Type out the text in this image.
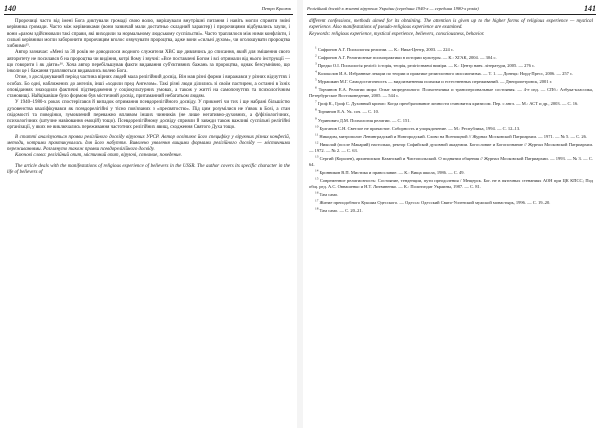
140	Петро Кралюк

Пророчиці часто від імені Бога диктували громаді свою волю, вирішували внутрішні питання і навіть могли сприяти зміні керівника громади. Часто між керівниками (вони зазвичай мали достатньо складний характер) і пророчицями відбувались хаули, і вони «разом здійснювали такі справи, які виходили за нормальному людському суспільстві». Часто траплялося між ними конфлікти, і сильні керівники могли заборонити пророчицям вголос озвучувати пророцтва, адже вони «сильні духом», чи оголошувати пророцтва хибними¹⁵.

Автор зазначає: «Мені за 30 років не доводилося жодного служителя ХВС ще дивлячись до списання, який для змішення свого авторитету не посилався б на пророцтва чи видіння, котрі йому і звучні: «Все поставлені Богом і всі отримали від нього інструкції — що говорити і як діяти»¹⁶. Хоча автор перебільшував факти видавання суб'єктивних бажань за пророцтва, однак безсумнівно, що інколи це і бажання трапляються видавались волею Бога.

Отже, з досліджуваний період частина вірних людей мала релігійний досвід. Він мав різні форми і виражався у різних відчуттях і особах. Бо одні, наближених до ангелів, інші «ходили пред Ангелом». Такі різні люди ділились зі своїм пастирем, а останні в їхніх оповіданнях знаходили фактичні підтвердження у соціокультурних умовах, а також у житті на самопочуттях та психологічним становищі. Найцікавіше було формою був містичний досвід, притаманний небагатьом людям.

У 1940–1980-х роках спостерігався й випадок отримання псевдорелігійного досвіду. У прикметі чи тих і ще набрані більшістю духовенства кваліфікувався як псевдорелігійні у тісно пов'язаних з «пресвятостю». Під цим розумілися не з'явок в Бозі, а стан свідомості та поведінки, зумовлений переважно впливом інших чинників (не лише негативно-духовних, а ф/фізіологічних, психологічних (штучне навіювання емоцій) тощо). Псевдорелігійному досвіду сприяли й завжди також важливі суспільні релігійні організації, у яких не виключались переживання частотних релігійних явищ, сходження Святого Духа тощо.

В статті аналізуються прояви релігійного досвіду віруючих УРСР. Автор освітлює його специфіку у віруючих різних конфесій, методи, котрими практикувалась для його набуття. Виявлено уявлення вищими формами релігійного досвіду — містичними переживаннями. Розглянуто також прояви псевдорелігійного досвіду.

Ключові слова: релігійний опит, містичний опит, віруючі, сознание, поведение.

The article deals with the manifestations of religious experience of believers in the USSR. The author covers its specific character in the life of believers of

Релігійний досвід в житті віруючих України (середина 1940-х — середина 1980-х років)	141

different confessions, methods aimed for its obtaining. The attention is given up to the higher forms of religious experience — mystical experience. Also manifestations of pseudo-religious experience are examined.

Keywords: religious experience, mystical experience, believers, consciousness, behavior.

$^1$ Сафронов А.Г. Психология религии. — К.: Ника-Центр, 2003. — 224 с.

$^2$ Сафронов А.Г. Религиозные психопрактики в истории культуры. — К.: ХГАК, 2004. — 304 с.

$^3$ Предко О.І. Психологія релігії: історія, теорія, релігієзнавчі виміри. — К.: Центр навч. літератури, 2005. — 276 с.

$^4$ Колоколов И.А. Избранные лекции по теории и практике религиозного миссионизма. — Т. 1. — Донецк: Норд-Пресс, 2006. — 257 с.

$^5$ Мурашкин М.Г. Самодостаточность — видоизменения психики и естественных переживаний. — Днепропетровск, 2001 г.

$^6$ Торчинов Е.А. Религии мира: Опыт запредельного: Психотехника и трансперсональные состояния. — 4-е изд. — СПб.: Азбука-классика, Петербургское Востоковедение, 2005. — 544 с.

$^7$ Гроф К., Гроф С. Духовный кризис: Когда преобразование личности становится кризисом. Пер. с англ. — М.: АСТ и др., 2003. — С. 16.

$^8$ Торчинов Е.А. Ук. соч. — С. 10.

$^9$ Угринович Д.М. Психология религии. — С. 151.

$^{10}$ Булганов С.Н. Светлое не причастие. Соборность и упорядочение. — М.: Республика, 1994. — С. 12–13.

$^{11}$ Никодим, митрополит Ленинградский и Новгородский. Слово на Всенощной // Журнал Московской Патриархии. — 1971. — № 5. — С. 26.

$^{12}$ Николай (после Макарий) настолько, ректор Софийской духовной академии. Богословие и Богопознание // Журнал Московской Патриархии. — 1972. — № 2. — С. 63.

$^{13}$ Сергий (Королев), архиепископ Казанский и Чистопольский. О поднятии общения // Журнал Московской Патриархии. — 1993. — № 3. — С. 64.

$^{14}$ Бронников В.П. Мистика и православие. — К.: Вища школа, 1986. — С. 49.

$^{15}$ Современное религиозность: Состояние, тенденции, пути преодоления / Мещерск. Бог. не в пяточных стенаниях АОН при ЦК КПСС; Под общ. ред. А.С. Овнашенко и Н.Т. Литвиненко. — К.: Политиздат Украины, 1987. — С. 81.

$^{16}$ Там само.

$^{17}$ Житие преподобного Кукшиа Одесского. — Одесса: Одесский Свято-Успенский мужской монастырь, 1996. — С. 19–20.

$^{18}$ Там само. — С. 20–21.
